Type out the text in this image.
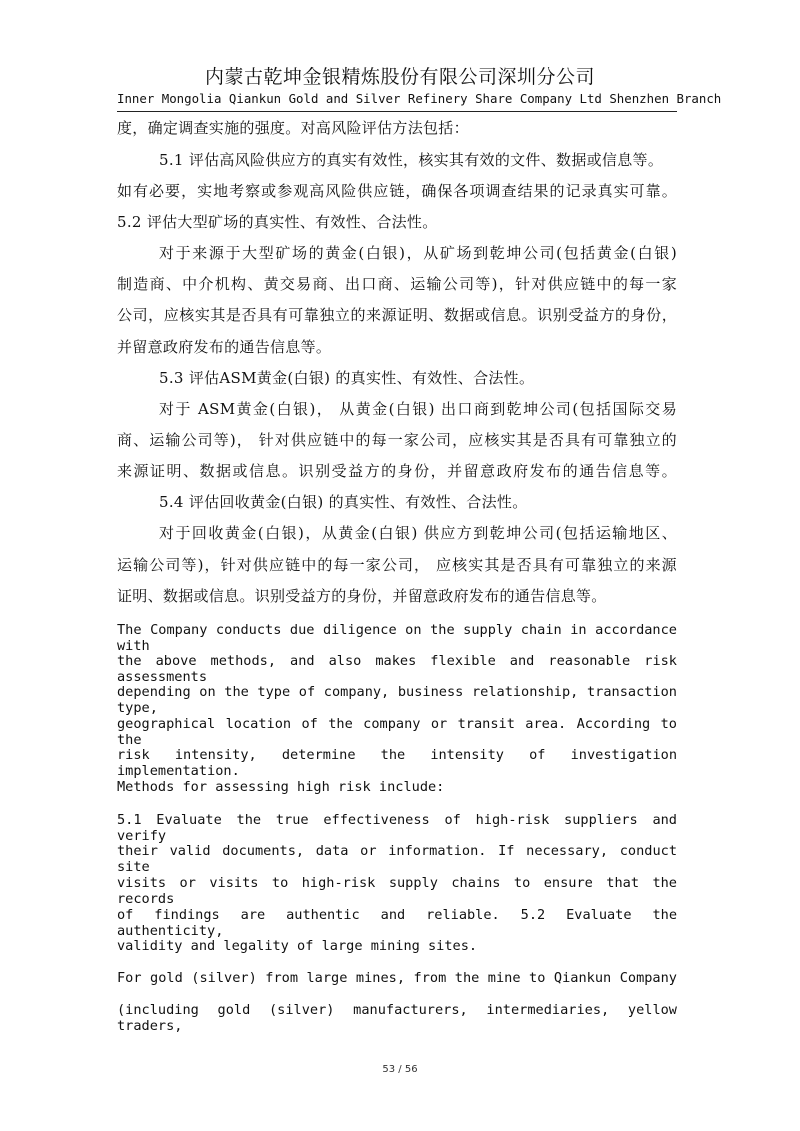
内蒙古乾坤金银精炼股份有限公司深圳分公司
Inner Mongolia Qiankun Gold and Silver Refinery Share Company Ltd Shenzhen Branch
度，确定调查实施的强度。对高风险评估方法包括：
5.1 评估高风险供应方的真实有效性，核实其有效的文件、数据或信息等。
如有必要，实地考察或参观高风险供应链，确保各项调查结果的记录真实可靠。
5.2 评估大型矿场的真实性、有效性、合法性。
对于来源于大型矿场的黄金(白银)，从矿场到乾坤公司(包括黄金(白银)
制造商、中介机构、黄交易商、出口商、运输公司等)，针对供应链中的每一家
公司，应核实其是否具有可靠独立的来源证明、数据或信息。识别受益方的身份，
并留意政府发布的通告信息等。
5.3 评估ASM黄金(白银) 的真实性、有效性、合法性。
对于 ASM黄金(白银)， 从黄金(白银) 出口商到乾坤公司(包括国际交易
商、运输公司等)， 针对供应链中的每一家公司，应核实其是否具有可靠独立的
来源证明、数据或信息。识别受益方的身份，并留意政府发布的通告信息等。
5.4 评估回收黄金(白银) 的真实性、有效性、合法性。
对于回收黄金(白银)，从黄金(白银) 供应方到乾坤公司(包括运输地区、
运输公司等)，针对供应链中的每一家公司， 应核实其是否具有可靠独立的来源
证明、数据或信息。识别受益方的身份，并留意政府发布的通告信息等。
The Company conducts due diligence on the supply chain in accordance with
the above methods, and also makes flexible and reasonable risk assessments
depending on the type of company, business relationship, transaction type,
geographical location of the company or transit area. According to the
risk intensity, determine the intensity of investigation implementation.
Methods for assessing high risk include:
5.1 Evaluate the true effectiveness of high-risk suppliers and verify
their valid documents, data or information. If necessary, conduct site
visits or visits to high-risk supply chains to ensure that the records
of findings are authentic and reliable. 5.2 Evaluate the authenticity,
validity and legality of large mining sites.
For gold (silver) from large mines, from the mine to Qiankun Company
(including gold (silver) manufacturers, intermediaries, yellow traders,
53 / 56
